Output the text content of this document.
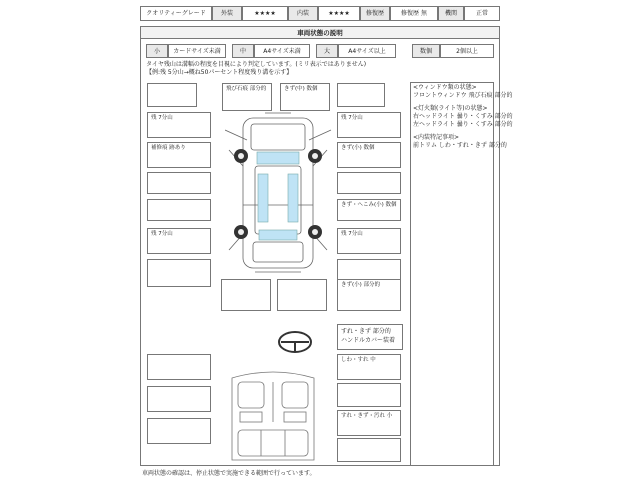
クオリティーグレード	外装	★★★★	内装	★★★★	修復歴	修復歴 無	機関	正常
車両状態の説明
小	カードサイズ未満	中	A4サイズ未満	大	A4サイズ以上	数個	2個以上
タイヤ残山は溝幅の程度を目視により判定しています。(ミリ表示ではありません)
【例:残 5分山→概ね50パーセント程度残り溝を示す】
<ウィンドウ類の状態>
フロントウィンドウ 飛び石痕 部分的
<灯火類(ライト等)の状態>
右ヘッドライト 曇り・くすみ 部分的
左ヘッドライト 曇り・くすみ 部分的
<内装特記事項>
前トリム しわ・すれ・きず 部分的
残 7分山
補修痕 跡あり
残 7分山
飛び石痕 部分的	きず(中) 数個
残 7分山
きず(小) 数個
きず・へこみ(小) 数個
残 7分山
きず(小) 部分的
すれ・きず 部分的
ハンドルカバー装着
しわ・すれ 中
すれ・きず・汚れ 小
車両状態の確認は、停止状態で実施できる範囲で行っています。
